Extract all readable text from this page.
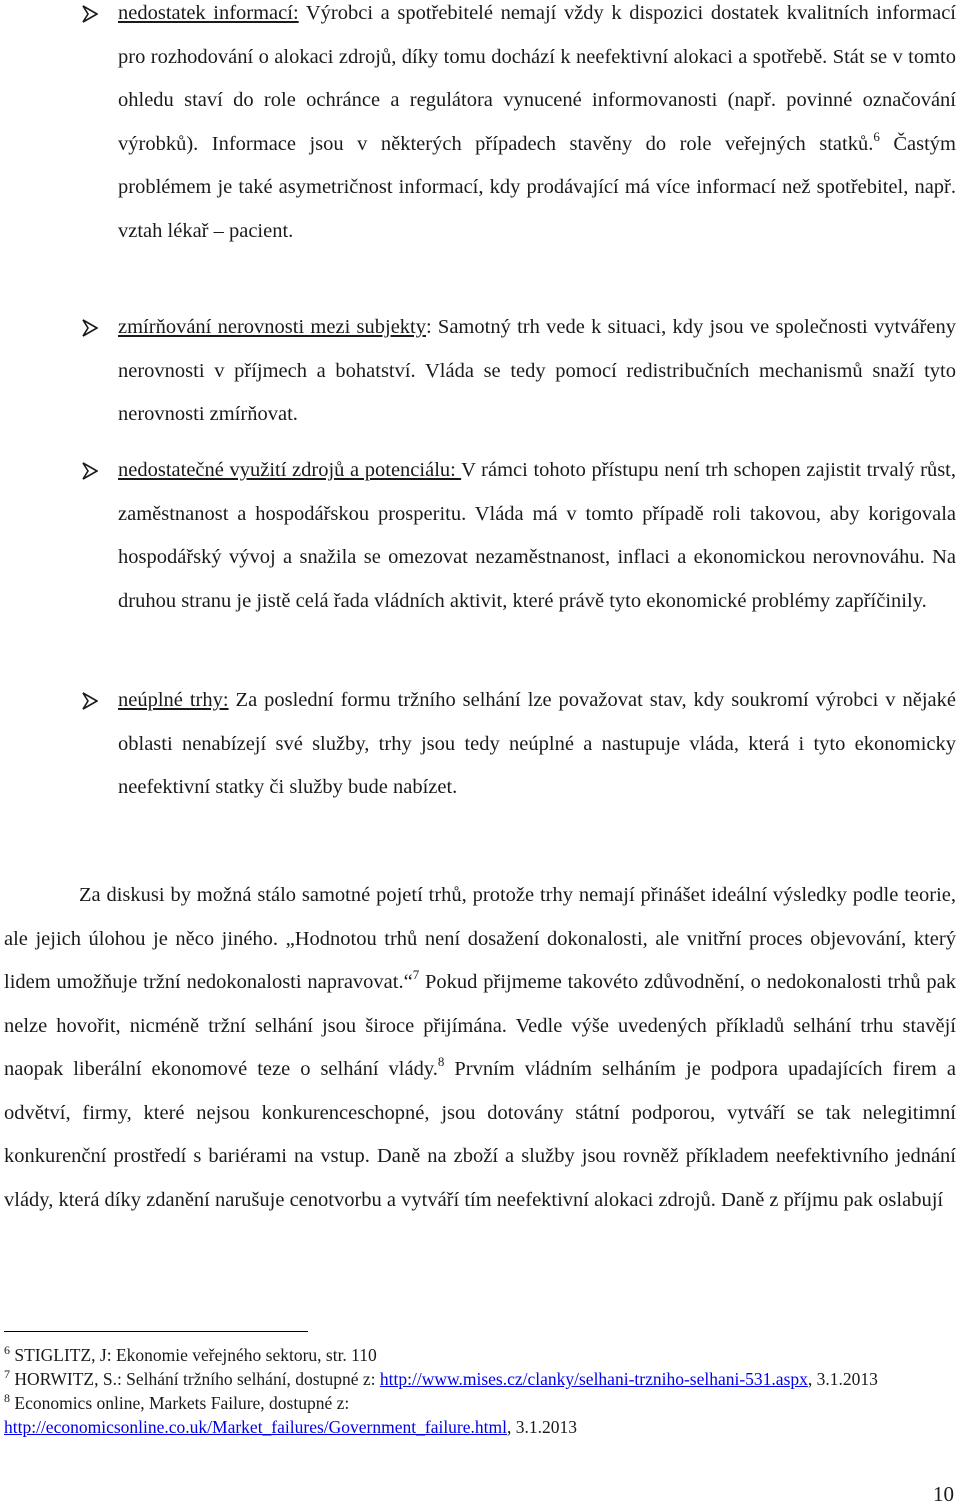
nedostatek informací: Výrobci a spotřebitelé nemají vždy k dispozici dostatek kvalitních informací pro rozhodování o alokaci zdrojů, díky tomu dochází k neefektivní alokaci a spotřebě. Stát se v tomto ohledu staví do role ochránce a regulátora vynucené informovanosti (např. povinné označování výrobků). Informace jsou v některých případech stavěny do role veřejných statků.$^6$ Častým problémem je také asymetričnost informací, kdy prodávající má více informací než spotřebitel, např. vztah lékař – pacient.
zmírňování nerovnosti mezi subjekty: Samotný trh vede k situaci, kdy jsou ve společnosti vytvářeny nerovnosti v příjmech a bohatství. Vláda se tedy pomocí redistribučních mechanismů snaží tyto nerovnosti zmírňovat.
nedostatečné využití zdrojů a potenciálu: V rámci tohoto přístupu není trh schopen zajistit trvalý růst, zaměstnanost a hospodářskou prosperitu. Vláda má v tomto případě roli takovou, aby korigovala hospodářský vývoj a snažila se omezovat nezaměstnanost, inflaci a ekonomickou nerovnováhu. Na druhou stranu je jistě celá řada vládních aktivit, které právě tyto ekonomické problémy zapříčinily.
neúplné trhy: Za poslední formu tržního selhání lze považovat stav, kdy soukromí výrobci v nějaké oblasti nenabízejí své služby, trhy jsou tedy neúplné a nastupuje vláda, která i tyto ekonomicky neefektivní statky či služby bude nabízet.
Za diskusi by možná stálo samotné pojetí trhů, protože trhy nemají přinášet ideální výsledky podle teorie, ale jejich úlohou je něco jiného. „Hodnotou trhů není dosažení dokonalosti, ale vnitřní proces objevování, který lidem umožňuje tržní nedokonalosti napravovat.“$^7$ Pokud přijmeme takovéto zdůvodnění, o nedokonalosti trhů pak nelze hovořit, nicméně tržní selhání jsou široce přijímána. Vedle výše uvedených příkladů selhání trhu stavějí naopak liberální ekonomové teze o selhání vlády.$^8$ Prvním vládním selháním je podpora upadajících firem a odvětví, firmy, které nejsou konkurenceschopné, jsou dotovány státní podporou, vytváří se tak nelegitimní konkurenční prostředí s bariérami na vstup. Daně na zboží a služby jsou rovněž příkladem neefektivního jednání vlády, která díky zdanění narušuje cenotvorbu a vytváří tím neefektivní alokaci zdrojů. Daně z příjmu pak oslabují

$^6$ STIGLITZ, J: Ekonomie veřejného sektoru, str. 110

$^7$ HORWITZ, S.: Selhání tržního selhání, dostupné z: http://www.mises.cz/clanky/selhani-trzniho-selhani-531.aspx, 3.1.2013

$^8$ Economics online, Markets Failure, dostupné z:
http://economicsonline.co.uk/Market_failures/Government_failure.html, 3.1.2013

10
